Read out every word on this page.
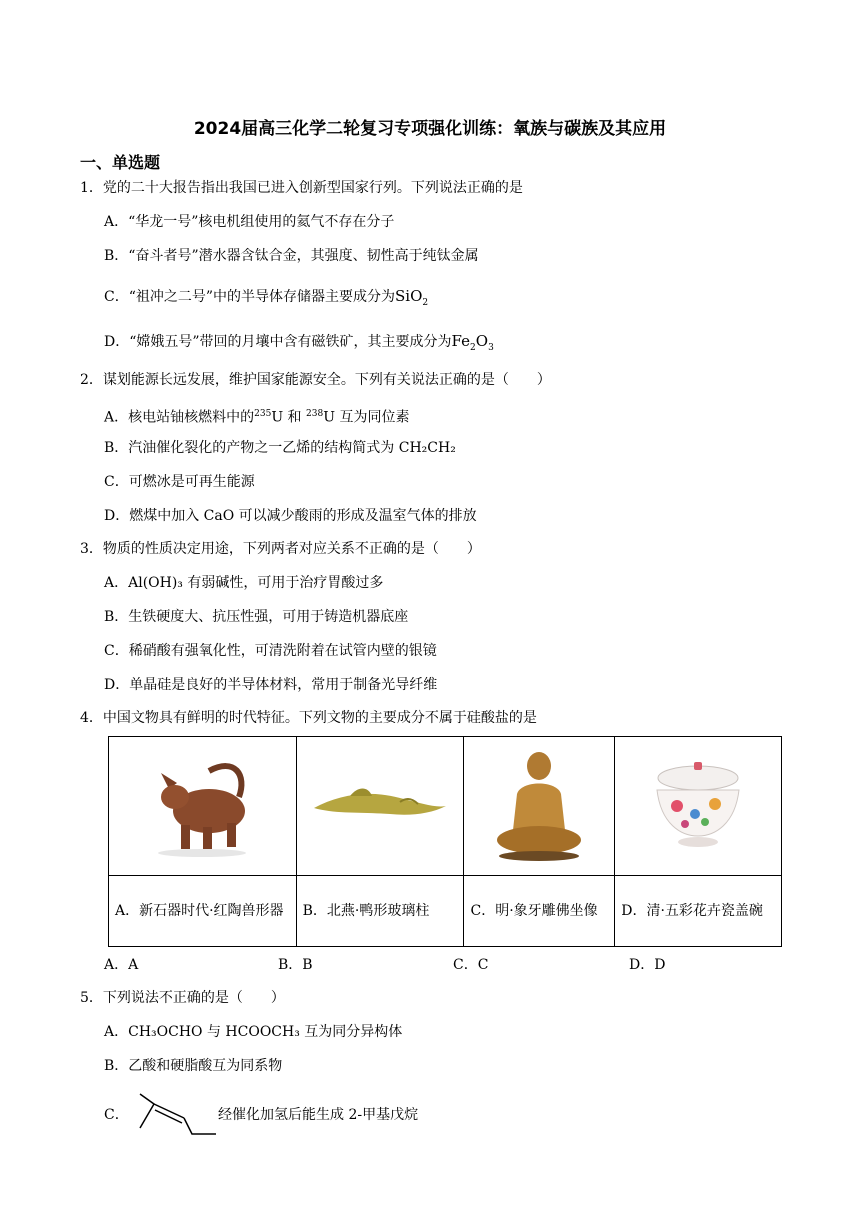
2024届高三化学二轮复习专项强化训练：氧族与碳族及其应用
一、单选题
1．党的二十大报告指出我国已进入创新型国家行列。下列说法正确的是
A．“华龙一号”核电机组使用的氦气不存在分子
B．“奋斗者号”潜水器含钛合金，其强度、韧性高于纯钛金属
C．“祖冲之二号”中的半导体存储器主要成分为SiO$_2$
D．“嫦娥五号”带回的月壤中含有磁铁矿，其主要成分为$Fe_2O_3$
2．谋划能源长远发展，维护国家能源安全。下列有关说法正确的是（　　）
A．核电站铀核燃料中的$^{235}$U 和 $^{238}$U 互为同位素
B．汽油催化裂化的产物之一乙烯的结构简式为 CH₂CH₂
C．可燃冰是可再生能源
D．燃煤中加入 CaO 可以减少酸雨的形成及温室气体的排放
3．物质的性质决定用途，下列两者对应关系不正确的是（　　）
A．Al(OH)₃ 有弱碱性，可用于治疗胃酸过多
B．生铁硬度大、抗压性强，可用于铸造机器底座
C．稀硝酸有强氧化性，可清洗附着在试管内壁的银镜
D．单晶硅是良好的半导体材料，常用于制备光导纤维
4．中国文物具有鲜明的时代特征。下列文物的主要成分不属于硅酸盐的是

A．新石器时代·红陶兽形器	B．北燕·鸭形玻璃柱	C．明·象牙雕佛坐像	D．清·五彩花卉瓷盖碗
A．A	B．B	C．C	D．D
5．下列说法不正确的是（　　）
A．CH₃OCHO 与 HCOOCH₃ 互为同分异构体
B．乙酸和硬脂酸互为同系物
C．	经催化加氢后能生成 2-甲基戊烷
